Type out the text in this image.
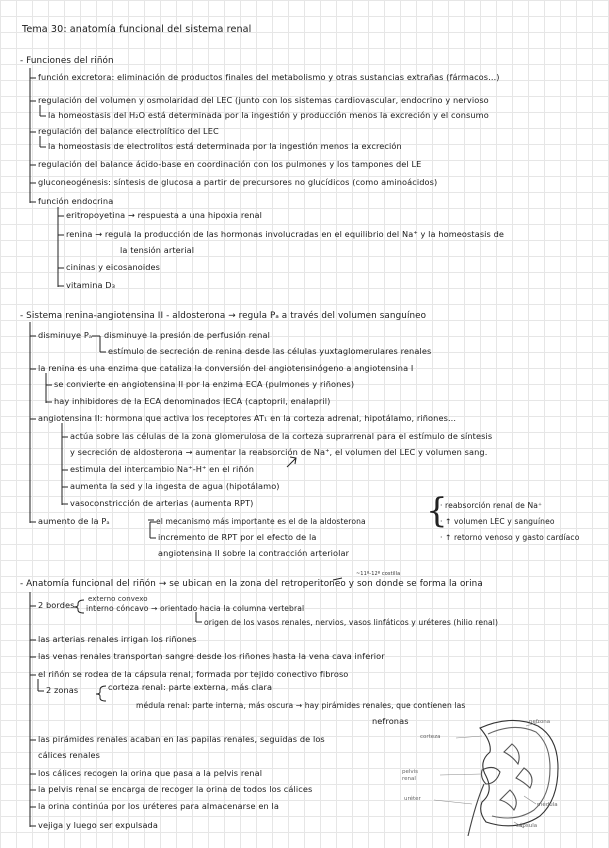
Tema 30: anatomía funcional del sistema renal
- Funciones del riñón
función excretora: eliminación de productos finales del metabolismo y otras sustancias extrañas (fármacos...)
regulación del volumen y osmolaridad del LEC (junto con los sistemas cardiovascular, endocrino y nervioso
la homeostasis del H₂O está determinada por la ingestión y producción menos la excreción y el consumo
regulación del balance electrolítico del LEC
la homeostasis de electrolitos está determinada por la ingestión menos la excreción
regulación del balance ácido-base en coordinación con los pulmones y los tampones del LE
gluconeogénesis: síntesis de glucosa a partir de precursores no glucídicos (como aminoácidos)
función endocrina
eritropoyetina → respuesta a una hipoxia renal
renina → regula la producción de las hormonas involucradas en el equilibrio del Na⁺ y la homeostasis de
la tensión arterial
cininas y eicosanoides
vitamina D₃
- Sistema renina-angiotensina II - aldosterona → regula Pₐ a través del volumen sanguíneo
disminuye Pₐ disminuye la presión de perfusión renal
estímulo de secreción de renina desde las células yuxtaglomerulares renales
la renina es una enzima que cataliza la conversión del angiotensinógeno a angiotensina I
se convierte en angiotensina II por la enzima ECA (pulmones y riñones)
hay inhibidores de la ECA denominados IECA (captopril, enalapril)
angiotensina II: hormona que activa los receptores AT₁ en la corteza adrenal, hipotálamo, riñones...
actúa sobre las células de la zona glomerulosa de la corteza suprarrenal para el estímulo de síntesis
y secreción de aldosterona → aumentar la reabsorción de Na⁺, el volumen del LEC y volumen sang.
estimula del intercambio Na⁺-H⁺ en el riñón
aumenta la sed y la ingesta de agua (hipotálamo)
vasoconstricción de arterias (aumenta RPT)
aumento de la Pₐ	el mecanismo más importante es el de la aldosterona
incremento de RPT por el efecto de la
angiotensina II sobre la contracción arteriolar
{
· reabsorción renal de Na⁺
· ↑ volumen LEC y sanguíneo
· ↑ retorno venoso y gasto cardíaco
~11º-12º costilla
- Anatomía funcional del riñón → se ubican en la zona del retroperitoneo y son donde se forma la orina
2 bordes
externo convexo
interno cóncavo → orientado hacia la columna vertebral
origen de los vasos renales, nervios, vasos linfáticos y uréteres (hilio renal)
las arterias renales irrigan los riñones
las venas renales transportan sangre desde los riñones hasta la vena cava inferior
el riñón se rodea de la cápsula renal, formada por tejido conectivo fibroso
2 zonas	corteza renal: parte externa, más clara
médula renal: parte interna, más oscura → hay pirámides renales, que contienen las
nefronas
las pirámides renales acaban en las papilas renales, seguidas de los
cálices renales
los cálices recogen la orina que pasa a la pelvis renal
la pelvis renal se encarga de recoger la orina de todos los cálices
la orina continúa por los uréteres para almacenarse en la
vejiga y luego ser expulsada
nefrona
corteza
pelvis renal
uréter
médula
cápsula
